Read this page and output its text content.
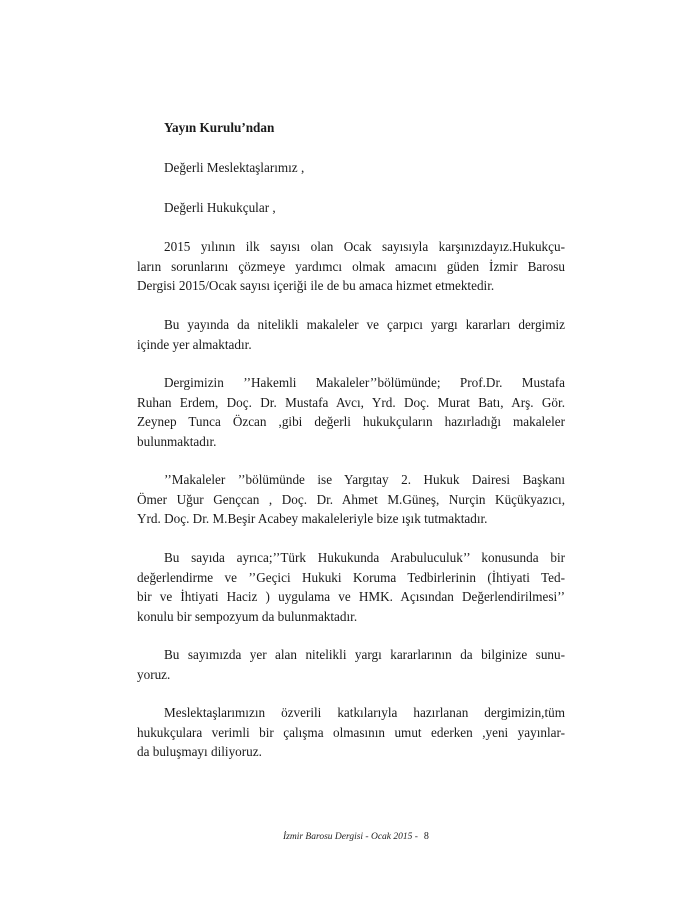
Yayın Kurulu’ndan

Değerli Meslektaşlarımız ,

Değerli Hukukçular ,

2015 yılının ilk sayısı olan Ocak sayısıyla karşınızdayız.Hukukçu-
ların sorunlarını çözmeye yardımcı olmak amacını güden İzmir Barosu
Dergisi 2015/Ocak sayısı içeriği ile de bu amaca hizmet etmektedir.
Bu yayında da nitelikli makaleler ve çarpıcı yargı kararları dergimiz
içinde yer almaktadır.
Dergimizin ’’Hakemli Makaleler’’bölümünde; Prof.Dr. Mustafa
Ruhan Erdem, Doç. Dr. Mustafa Avcı, Yrd. Doç. Murat Batı, Arş. Gör.
Zeynep Tunca Özcan ,gibi değerli hukukçuların hazırladığı makaleler
bulunmaktadır.
’’Makaleler ’’bölümünde ise Yargıtay 2. Hukuk Dairesi Başkanı
Ömer Uğur Gençcan , Doç. Dr. Ahmet M.Güneş, Nurçin Küçükyazıcı,
Yrd. Doç. Dr. M.Beşir Acabey makaleleriyle bize ışık tutmaktadır.
Bu sayıda ayrıca;’’Türk Hukukunda Arabuluculuk’’ konusunda bir
değerlendirme ve ’’Geçici Hukuki Koruma Tedbirlerinin (İhtiyati Ted-
bir ve İhtiyati Haciz ) uygulama ve HMK. Açısından Değerlendirilmesi’’
konulu bir sempozyum da bulunmaktadır.
Bu sayımızda yer alan nitelikli yargı kararlarının da bilginize sunu-
yoruz.
Meslektaşlarımızın özverili katkılarıyla hazırlanan dergimizin,tüm
hukukçulara verimli bir çalışma olmasının umut ederken ,yeni yayınlar-
da buluşmayı diliyoruz.
İzmir Barosu Dergisi - Ocak 2015 - 8
